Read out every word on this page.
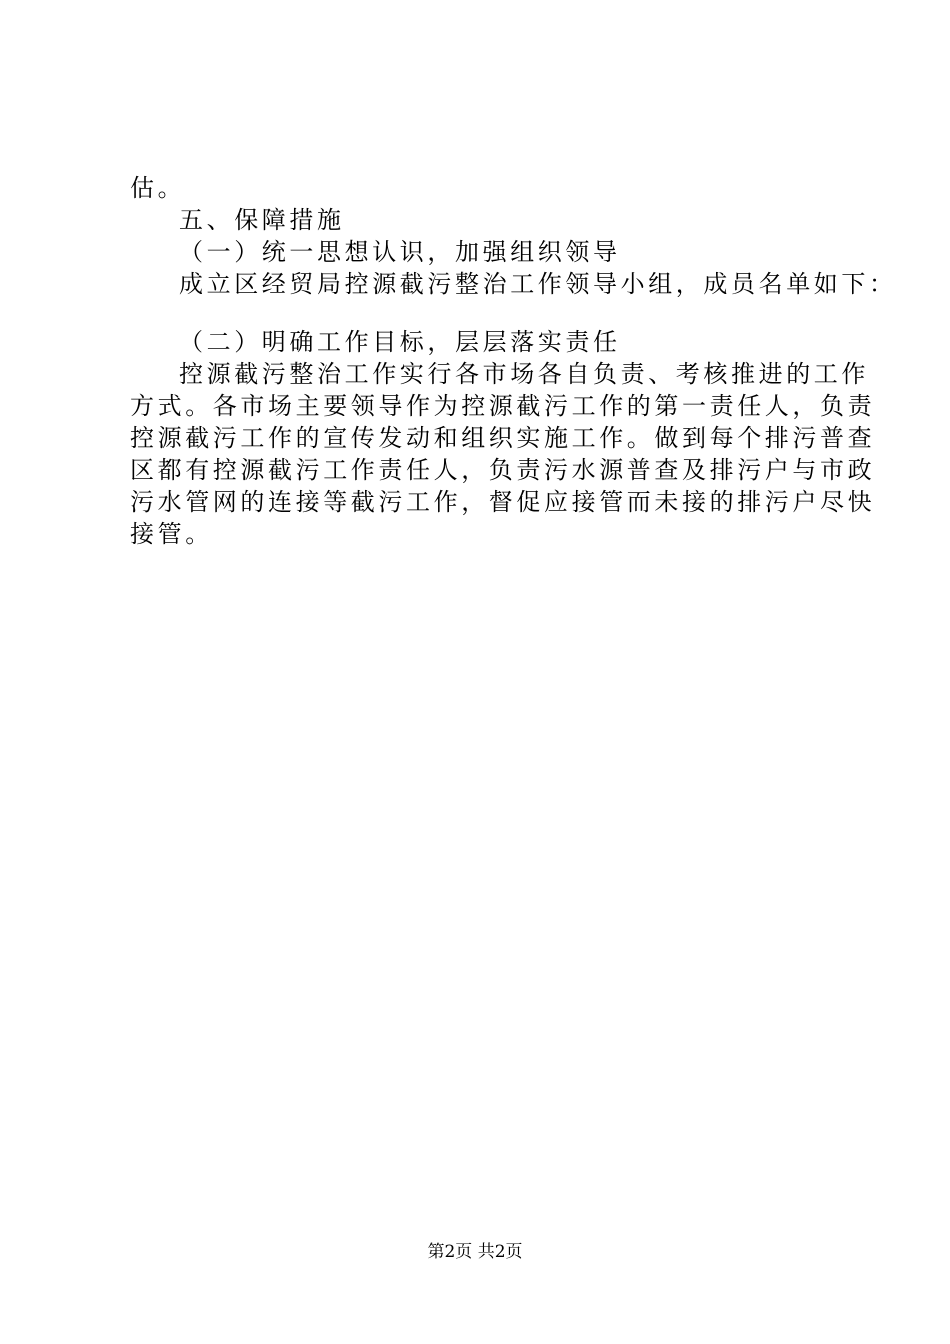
估。
五、保障措施
（一）统一思想认识，加强组织领导
成立区经贸局控源截污整治工作领导小组，成员名单如下：
（二）明确工作目标，层层落实责任
控源截污整治工作实行各市场各自负责、考核推进的工作
方式。各市场主要领导作为控源截污工作的第一责任人，负责
控源截污工作的宣传发动和组织实施工作。做到每个排污普查
区都有控源截污工作责任人，负责污水源普查及排污户与市政
污水管网的连接等截污工作，督促应接管而未接的排污户尽快
接管。
第2页 共2页
